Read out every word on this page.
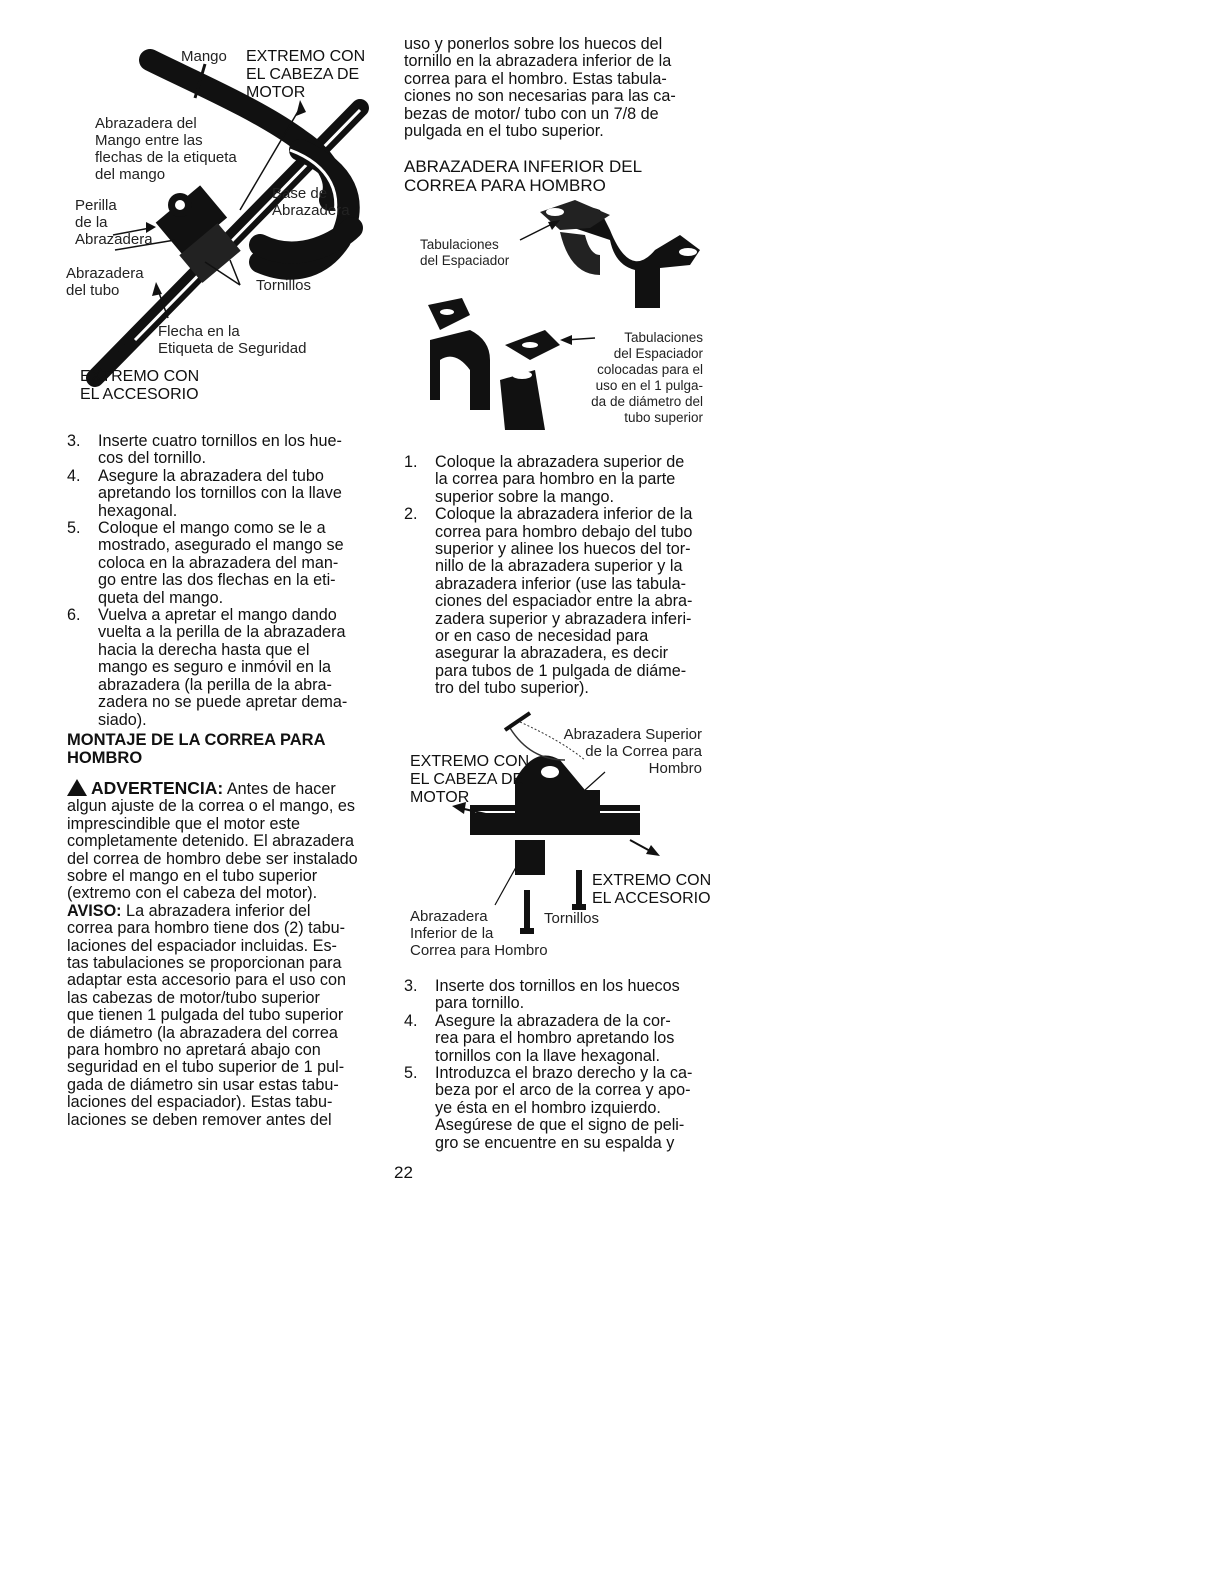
Mango EXTREMO CON
EL CABEZA DE
MOTOR
Abrazadera del
Mango entre las
flechas de la etiqueta
del mango
Base de
Abrazadera
Perilla
de la
Abrazadera
Abrazadera
del tubo	Tornillos
Flecha en la
Etiqueta de Seguridad
EXTREMO CON
EL ACCESORIO
3. Inserte cuatro tornillos en los hue-
cos del tornillo.
4. Asegure la abrazadera del tubo
apretando los tornillos con la llave
hexagonal.
5. Coloque el mango como se le a
mostrado, asegurado el mango se
coloca en la abrazadera del man-
go entre las dos flechas en la eti-
queta del mango.
6. Vuelva a apretar el mango dando
vuelta a la perilla de la abrazadera
hacia la derecha hasta que el
mango es seguro e inmóvil en la
abrazadera (la perilla de la abra-
zadera no se puede apretar dema-
siado).
MONTAJE DE LA CORREA PARA
HOMBRO

ADVERTENCIA: Antes de hacer
algun ajuste de la correa o el mango, es
imprescindible que el motor este
completamente detenido. El abrazadera
del correa de hombro debe ser instalado
sobre el mango en el tubo superior
(extremo con el cabeza del motor).

AVISO: La abrazadera inferior del
correa para hombro tiene dos (2) tabu-
laciones del espaciador incluidas. Es-
tas tabulaciones se proporcionan para
adaptar esta accesorio para el uso con
las cabezas de motor/tubo superior
que tienen 1 pulgada del tubo superior
de diámetro (la abrazadera del correa
para hombro no apretará abajo con
seguridad en el tubo superior de 1 pul-
gada de diámetro sin usar estas tabu-
laciones del espaciador). Estas tabu-
laciones se deben remover antes del

uso y ponerlos sobre los huecos del
tornillo en la abrazadera inferior de la
correa para el hombro. Estas tabula-
ciones no son necesarias para las ca-
bezas de motor/ tubo con un 7/8 de
pulgada en el tubo superior.
ABRAZADERA INFERIOR DEL
CORREA PARA HOMBRO
Tabulaciones
del Espaciador
Tabulaciones
del Espaciador
colocadas para el
uso en el 1 pulga-
da de diámetro del
tubo superior
1. Coloque la abrazadera superior de
la correa para hombro en la parte
superior sobre la mango.
2. Coloque la abrazadera inferior de la
correa para hombro debajo del tubo
superior y alinee los huecos del tor-
nillo de la abrazadera superior y la
abrazadera inferior (use las tabula-
ciones del espaciador entre la abra-
zadera superior y abrazadera inferi-
or en caso de necesidad para
asegurar la abrazadera, es decir
para tubos de 1 pulgada de diáme-
tro del tubo superior).
Abrazadera Superior
de la Correa para
Hombro
EXTREMO CON
EL CABEZA DE
MOTOR
EXTREMO CON
EL ACCESORIO
Abrazadera
Inferior de la
Correa para Hombro
Tornillos
3. Inserte dos tornillos en los huecos
para tornillo.
4. Asegure la abrazadera de la cor-
rea para el hombro apretando los
tornillos con la llave hexagonal.
5. Introduzca el brazo derecho y la ca-
beza por el arco de la correa y apo-
ye ésta en el hombro izquierdo.
Asegúrese de que el signo de peli-
gro se encuentre en su espalda y
22
